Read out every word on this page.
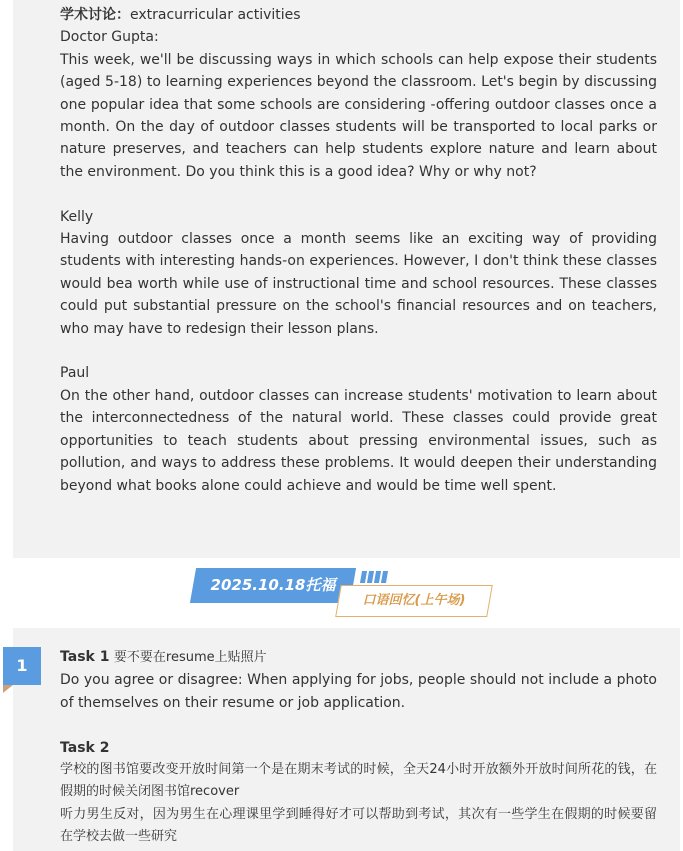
学术讨论：extracurricular activities

Doctor Gupta:

This week, we'll be discussing ways in which schools can help expose their students (aged 5-18) to learning experiences beyond the classroom. Let's begin by discussing one popular idea that some schools are considering -offering outdoor classes once a month. On the day of outdoor classes students will be transported to local parks or nature preserves, and teachers can help students explore nature and learn about the environment. Do you think this is a good idea? Why or why not?

Kelly

Having outdoor classes once a month seems like an exciting way of providing students with interesting hands-on experiences. However, I don't think these classes would bea worth while use of instructional time and school resources. These classes could put substantial pressure on the school's financial resources and on teachers, who may have to redesign their lesson plans.

Paul

On the other hand, outdoor classes can increase students' motivation to learn about the interconnectedness of the natural world. These classes could provide great opportunities to teach students about pressing environmental issues, such as pollution, and ways to address these problems. It would deepen their understanding beyond what books alone could achieve and would be time well spent.

2025.10.18托福
口语回忆(上午场)
1	Task 1 要不要在resume上贴照片

Do you agree or disagree: When applying for jobs, people should not include a photo of themselves on their resume or job application.

Task 2

学校的图书馆要改变开放时间第一个是在期末考试的时候，全天24小时开放额外开放时间所花的钱，在假期的时候关闭图书馆recover

听力男生反对，因为男生在心理课里学到睡得好才可以帮助到考试，其次有一些学生在假期的时候要留在学校去做一些研究
